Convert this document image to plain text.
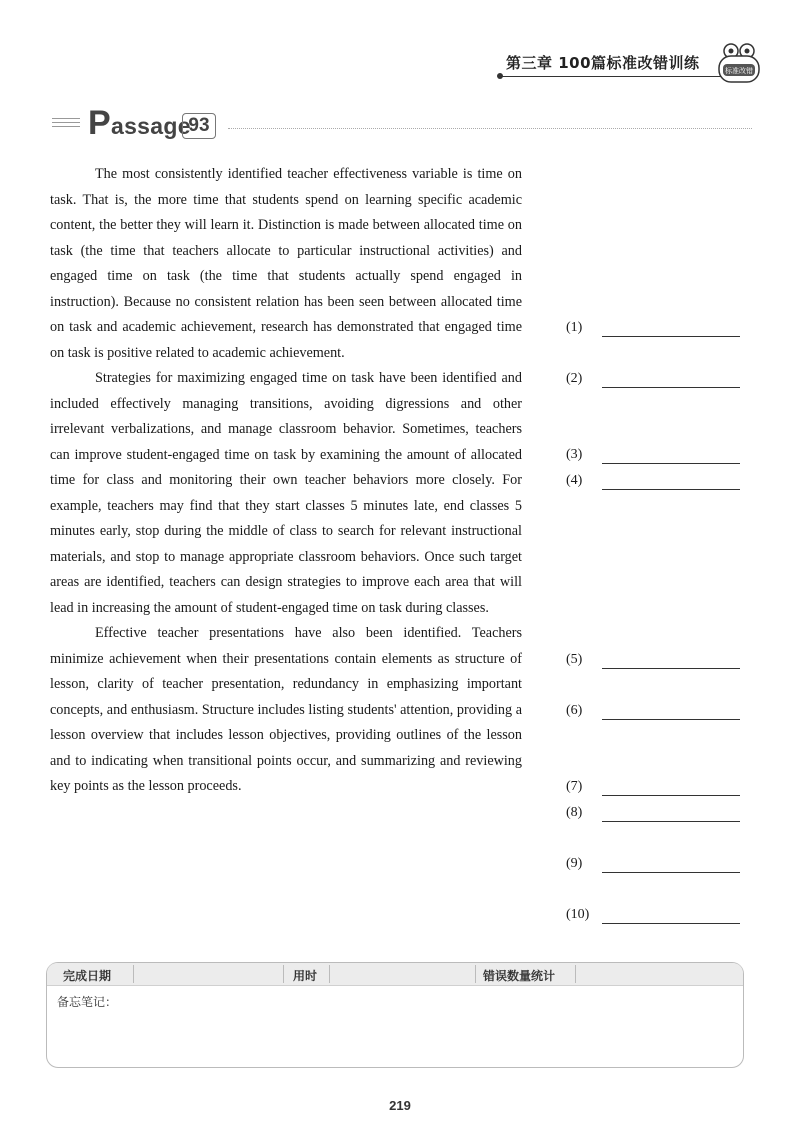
第三章 100篇标准改错训练	标准改错
Passage
93

The most consistently identified teacher effectiveness variable is time on task. That is, the more time that students spend on learning specific academic content, the better they will learn it. Distinction is made between allocated time on task (the time that teachers allocate to particular instructional activities) and engaged time on task (the time that students actually spend engaged in instruction). Because no consistent relation has been seen between allocated time on task and academic achievement, research has demonstrated that engaged time on task is positive related to academic achievement.

Strategies for maximizing engaged time on task have been identified and included effectively managing transitions, avoiding digressions and other irrelevant verbalizations, and manage classroom behavior. Sometimes, teachers can improve student-engaged time on task by examining the amount of allocated time for class and monitoring their own teacher behaviors more closely. For example, teachers may find that they start classes 5 minutes late, end classes 5 minutes early, stop during the middle of class to search for relevant instructional materials, and stop to manage appropriate classroom behaviors. Once such target areas are identified, teachers can design strategies to improve each area that will lead in increasing the amount of student-engaged time on task during classes.

Effective teacher presentations have also been identified. Teachers minimize achievement when their presentations contain elements as structure of lesson, clarity of teacher presentation, redundancy in emphasizing important concepts, and enthusiasm. Structure includes listing students' attention, providing a lesson overview that includes lesson objectives, providing outlines of the lesson and to indicating when transitional points occur, and summarizing and reviewing key points as the lesson proceeds.

(1)
(2)
(3)
(4)
(5)
(6)
(7)
(8)
(9)
(10)
完成日期	用时	错误数量统计
备忘笔记：
219
